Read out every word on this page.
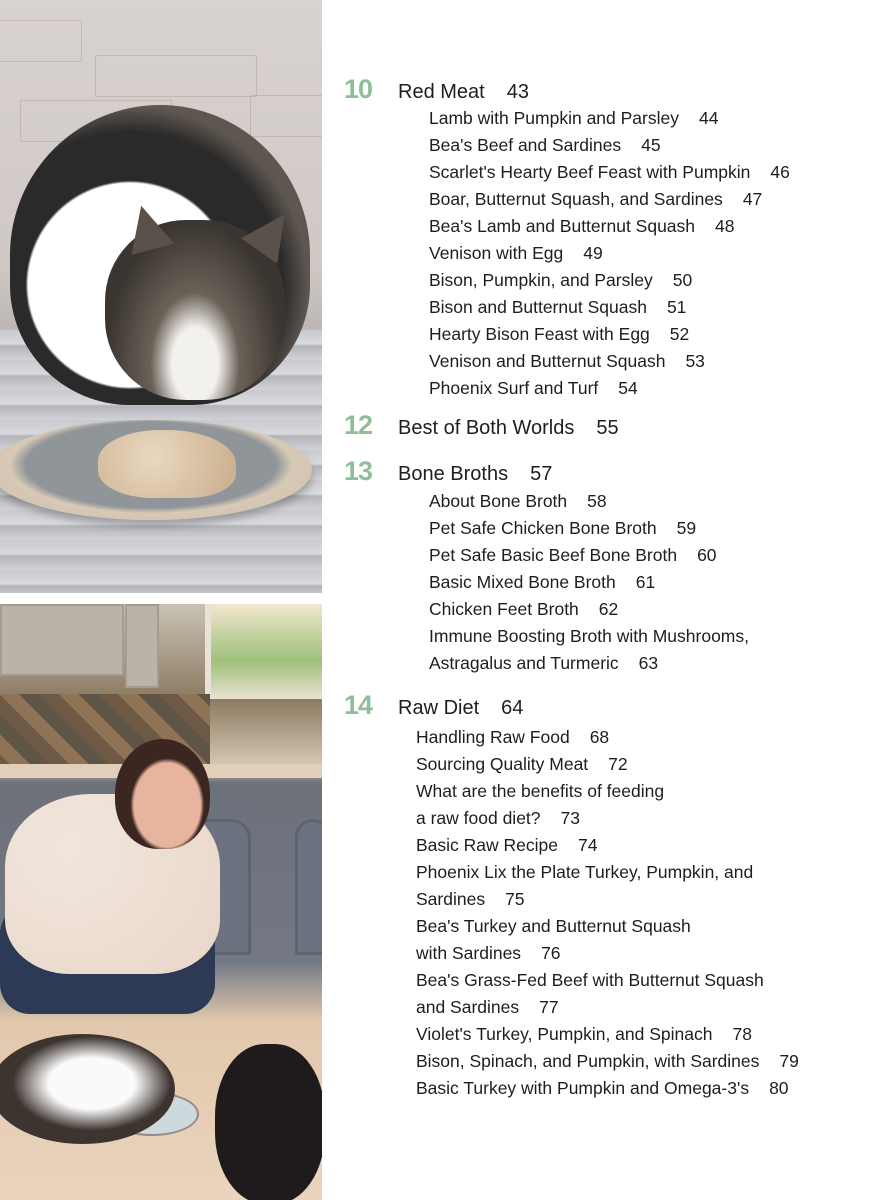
10	Red Meat 43
Lamb with Pumpkin and Parsley 44
Bea's Beef and Sardines 45
Scarlet's Hearty Beef Feast with Pumpkin 46
Boar, Butternut Squash, and Sardines 47
Bea's Lamb and Butternut Squash 48
Venison with Egg 49
Bison, Pumpkin, and Parsley 50
Bison and Butternut Squash 51
Hearty Bison Feast with Egg 52
Venison and Butternut Squash 53
Phoenix Surf and Turf 54
12	Best of Both Worlds 55
13	Bone Broths 57
About Bone Broth 58
Pet Safe Chicken Bone Broth 59
Pet Safe Basic Beef Bone Broth 60
Basic Mixed Bone Broth 61
Chicken Feet Broth 62
Immune Boosting Broth with Mushrooms,
Astragalus and Turmeric 63
14	Raw Diet 64
Handling Raw Food 68
Sourcing Quality Meat 72
What are the benefits of feeding
a raw food diet? 73
Basic Raw Recipe 74
Phoenix Lix the Plate Turkey, Pumpkin, and
Sardines 75
Bea's Turkey and Butternut Squash
with Sardines 76
Bea's Grass-Fed Beef with Butternut Squash
and Sardines 77
Violet's Turkey, Pumpkin, and Spinach 78
Bison, Spinach, and Pumpkin, with Sardines 79
Basic Turkey with Pumpkin and Omega-3's 80
